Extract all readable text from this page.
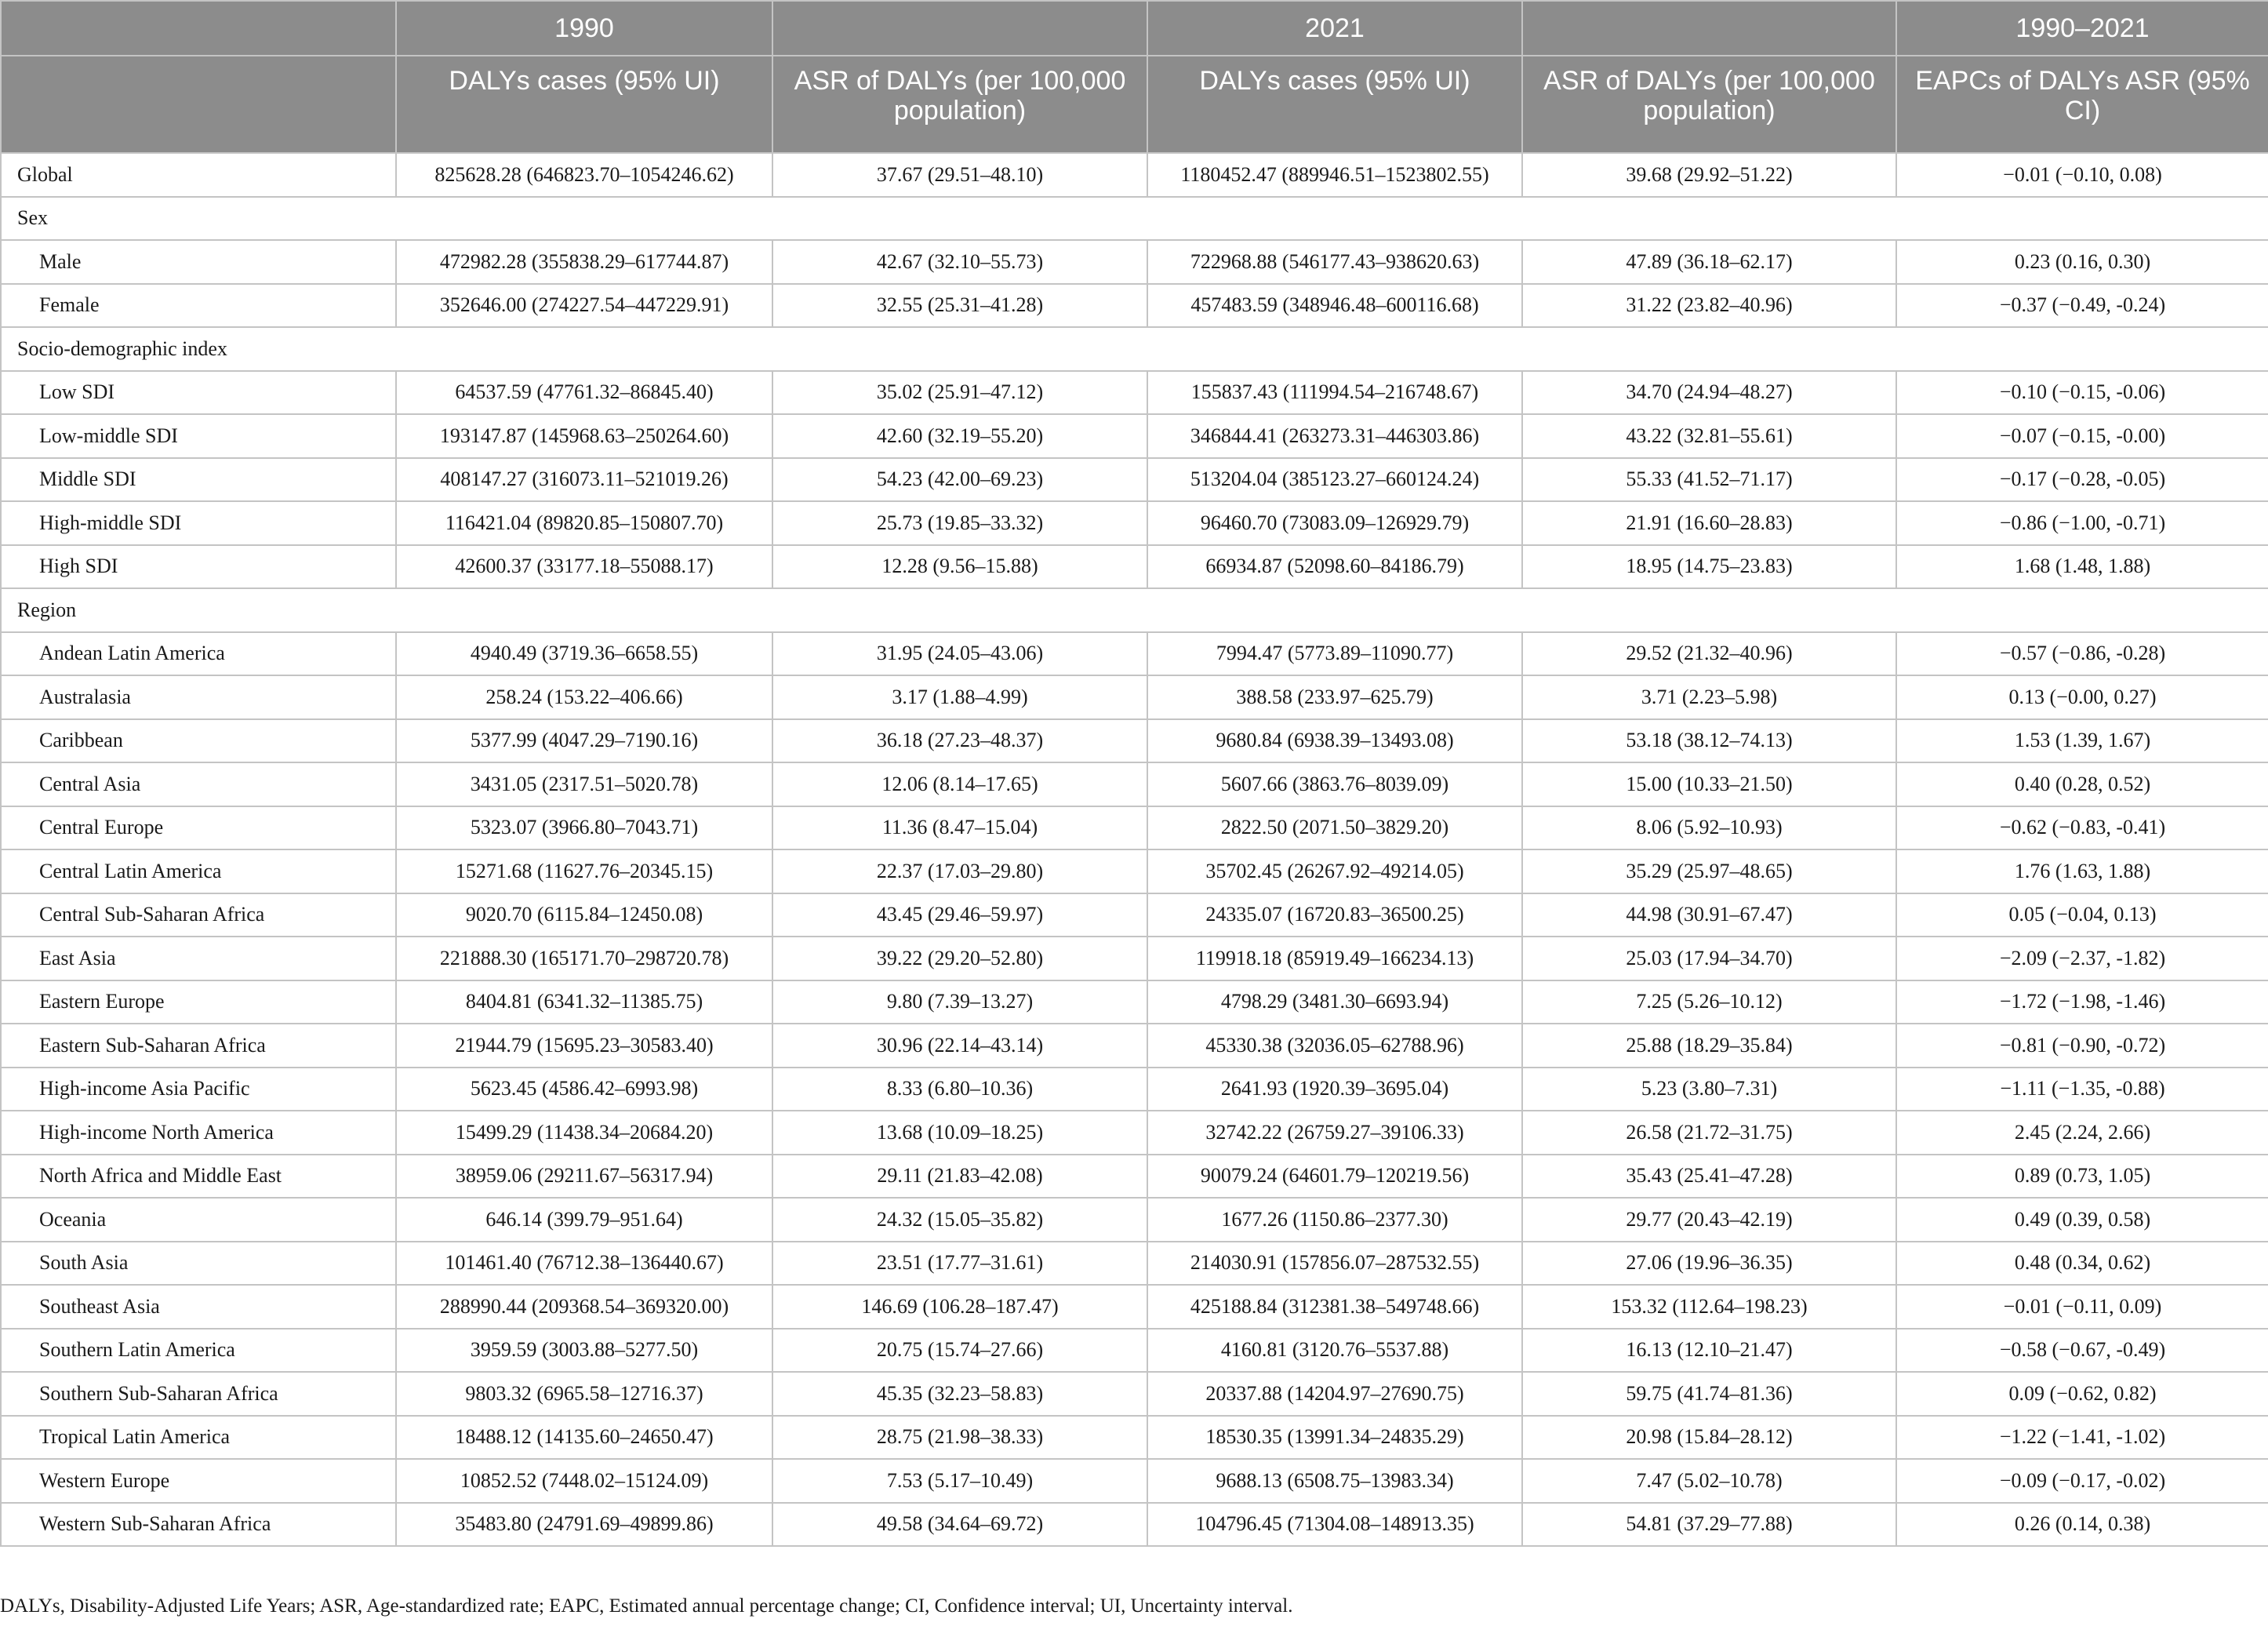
	1990		2021		1990–2021
	DALYs cases (95% UI)	ASR of DALYs (per 100,000 population)	DALYs cases (95% UI)	ASR of DALYs (per 100,000 population)	EAPCs of DALYs ASR (95% CI)
Global	825628.28 (646823.70–1054246.62)	37.67 (29.51–48.10)	1180452.47 (889946.51–1523802.55)	39.68 (29.92–51.22)	−0.01 (−0.10, 0.08)
Sex					
Male	472982.28 (355838.29–617744.87)	42.67 (32.10–55.73)	722968.88 (546177.43–938620.63)	47.89 (36.18–62.17)	0.23 (0.16, 0.30)
Female	352646.00 (274227.54–447229.91)	32.55 (25.31–41.28)	457483.59 (348946.48–600116.68)	31.22 (23.82–40.96)	−0.37 (−0.49, -0.24)
Socio-demographic index					
Low SDI	64537.59 (47761.32–86845.40)	35.02 (25.91–47.12)	155837.43 (111994.54–216748.67)	34.70 (24.94–48.27)	−0.10 (−0.15, -0.06)
Low-middle SDI	193147.87 (145968.63–250264.60)	42.60 (32.19–55.20)	346844.41 (263273.31–446303.86)	43.22 (32.81–55.61)	−0.07 (−0.15, -0.00)
Middle SDI	408147.27 (316073.11–521019.26)	54.23 (42.00–69.23)	513204.04 (385123.27–660124.24)	55.33 (41.52–71.17)	−0.17 (−0.28, -0.05)
High-middle SDI	116421.04 (89820.85–150807.70)	25.73 (19.85–33.32)	96460.70 (73083.09–126929.79)	21.91 (16.60–28.83)	−0.86 (−1.00, -0.71)
High SDI	42600.37 (33177.18–55088.17)	12.28 (9.56–15.88)	66934.87 (52098.60–84186.79)	18.95 (14.75–23.83)	1.68 (1.48, 1.88)
Region					
Andean Latin America	4940.49 (3719.36–6658.55)	31.95 (24.05–43.06)	7994.47 (5773.89–11090.77)	29.52 (21.32–40.96)	−0.57 (−0.86, -0.28)
Australasia	258.24 (153.22–406.66)	3.17 (1.88–4.99)	388.58 (233.97–625.79)	3.71 (2.23–5.98)	0.13 (−0.00, 0.27)
Caribbean	5377.99 (4047.29–7190.16)	36.18 (27.23–48.37)	9680.84 (6938.39–13493.08)	53.18 (38.12–74.13)	1.53 (1.39, 1.67)
Central Asia	3431.05 (2317.51–5020.78)	12.06 (8.14–17.65)	5607.66 (3863.76–8039.09)	15.00 (10.33–21.50)	0.40 (0.28, 0.52)
Central Europe	5323.07 (3966.80–7043.71)	11.36 (8.47–15.04)	2822.50 (2071.50–3829.20)	8.06 (5.92–10.93)	−0.62 (−0.83, -0.41)
Central Latin America	15271.68 (11627.76–20345.15)	22.37 (17.03–29.80)	35702.45 (26267.92–49214.05)	35.29 (25.97–48.65)	1.76 (1.63, 1.88)
Central Sub-Saharan Africa	9020.70 (6115.84–12450.08)	43.45 (29.46–59.97)	24335.07 (16720.83–36500.25)	44.98 (30.91–67.47)	0.05 (−0.04, 0.13)
East Asia	221888.30 (165171.70–298720.78)	39.22 (29.20–52.80)	119918.18 (85919.49–166234.13)	25.03 (17.94–34.70)	−2.09 (−2.37, -1.82)
Eastern Europe	8404.81 (6341.32–11385.75)	9.80 (7.39–13.27)	4798.29 (3481.30–6693.94)	7.25 (5.26–10.12)	−1.72 (−1.98, -1.46)
Eastern Sub-Saharan Africa	21944.79 (15695.23–30583.40)	30.96 (22.14–43.14)	45330.38 (32036.05–62788.96)	25.88 (18.29–35.84)	−0.81 (−0.90, -0.72)
High-income Asia Pacific	5623.45 (4586.42–6993.98)	8.33 (6.80–10.36)	2641.93 (1920.39–3695.04)	5.23 (3.80–7.31)	−1.11 (−1.35, -0.88)
High-income North America	15499.29 (11438.34–20684.20)	13.68 (10.09–18.25)	32742.22 (26759.27–39106.33)	26.58 (21.72–31.75)	2.45 (2.24, 2.66)
North Africa and Middle East	38959.06 (29211.67–56317.94)	29.11 (21.83–42.08)	90079.24 (64601.79–120219.56)	35.43 (25.41–47.28)	0.89 (0.73, 1.05)
Oceania	646.14 (399.79–951.64)	24.32 (15.05–35.82)	1677.26 (1150.86–2377.30)	29.77 (20.43–42.19)	0.49 (0.39, 0.58)
South Asia	101461.40 (76712.38–136440.67)	23.51 (17.77–31.61)	214030.91 (157856.07–287532.55)	27.06 (19.96–36.35)	0.48 (0.34, 0.62)
Southeast Asia	288990.44 (209368.54–369320.00)	146.69 (106.28–187.47)	425188.84 (312381.38–549748.66)	153.32 (112.64–198.23)	−0.01 (−0.11, 0.09)
Southern Latin America	3959.59 (3003.88–5277.50)	20.75 (15.74–27.66)	4160.81 (3120.76–5537.88)	16.13 (12.10–21.47)	−0.58 (−0.67, -0.49)
Southern Sub-Saharan Africa	9803.32 (6965.58–12716.37)	45.35 (32.23–58.83)	20337.88 (14204.97–27690.75)	59.75 (41.74–81.36)	0.09 (−0.62, 0.82)
Tropical Latin America	18488.12 (14135.60–24650.47)	28.75 (21.98–38.33)	18530.35 (13991.34–24835.29)	20.98 (15.84–28.12)	−1.22 (−1.41, -1.02)
Western Europe	10852.52 (7448.02–15124.09)	7.53 (5.17–10.49)	9688.13 (6508.75–13983.34)	7.47 (5.02–10.78)	−0.09 (−0.17, -0.02)
Western Sub-Saharan Africa	35483.80 (24791.69–49899.86)	49.58 (34.64–69.72)	104796.45 (71304.08–148913.35)	54.81 (37.29–77.88)	0.26 (0.14, 0.38)
DALYs, Disability-Adjusted Life Years; ASR, Age-standardized rate; EAPC, Estimated annual percentage change; CI, Confidence interval; UI, Uncertainty interval.
